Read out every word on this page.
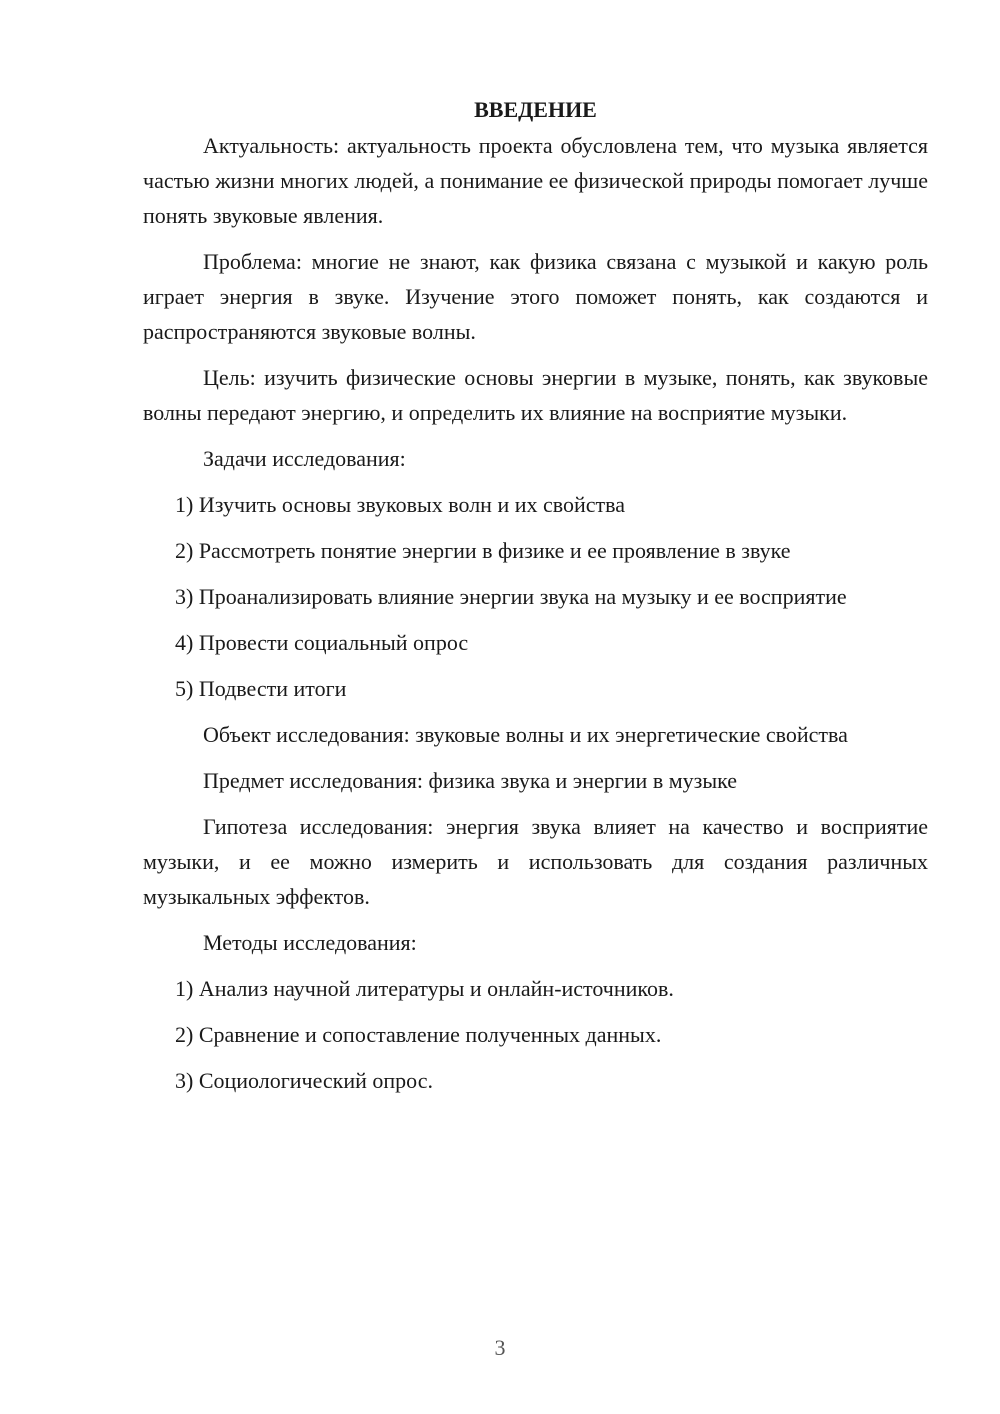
ВВЕДЕНИЕ

Актуальность: актуальность проекта обусловлена тем, что музыка является частью жизни многих людей, а понимание ее физической природы помогает лучше понять звуковые явления.

Проблема: многие не знают, как физика связана с музыкой и какую роль играет энергия в звуке. Изучение этого поможет понять, как создаются и распространяются звуковые волны.

Цель: изучить физические основы энергии в музыке, понять, как звуковые волны передают энергию, и определить их влияние на восприятие музыки.

Задачи исследования:

1) Изучить основы звуковых волн и их свойства

2) Рассмотреть понятие энергии в физике и ее проявление в звуке

3) Проанализировать влияние энергии звука на музыку и ее восприятие

4) Провести социальный опрос

5) Подвести итоги

Объект исследования: звуковые волны и их энергетические свойства

Предмет исследования: физика звука и энергии в музыке

Гипотеза исследования: энергия звука влияет на качество и восприятие музыки, и ее можно измерить и использовать для создания различных музыкальных эффектов.

Методы исследования:

1) Анализ научной литературы и онлайн-источников.

2) Сравнение и сопоставление полученных данных.

3) Социологический опрос.

3
